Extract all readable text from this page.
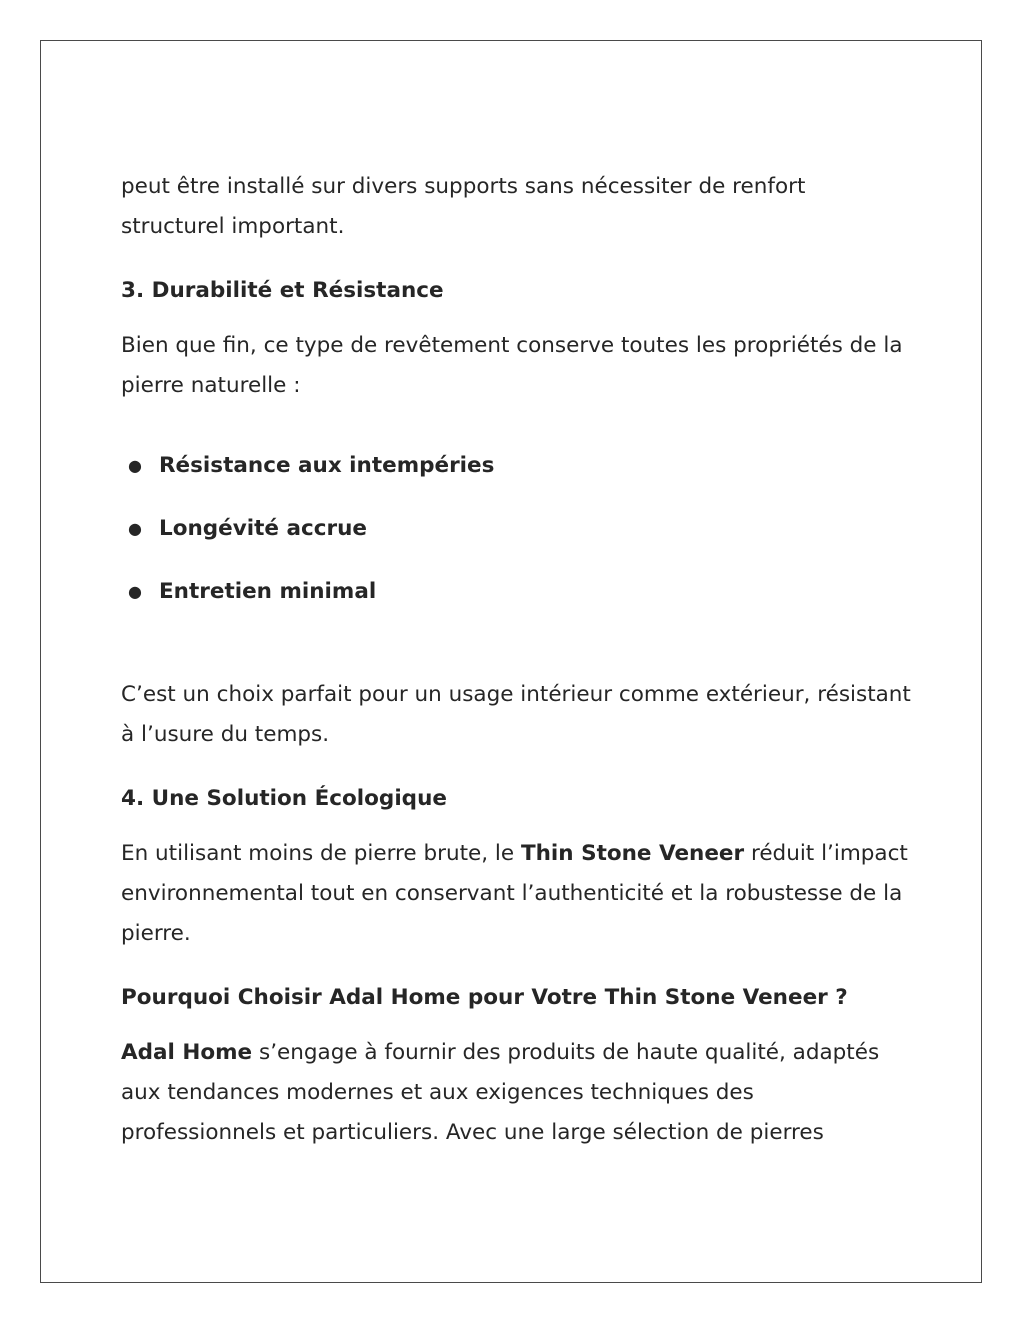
peut être installé sur divers supports sans nécessiter de renfort structurel important.

3. Durabilité et Résistance

Bien que fin, ce type de revêtement conserve toutes les propriétés de la pierre naturelle :

● Résistance aux intempéries
● Longévité accrue
● Entretien minimal

C’est un choix parfait pour un usage intérieur comme extérieur, résistant à l’usure du temps.

4. Une Solution Écologique

En utilisant moins de pierre brute, le Thin Stone Veneer réduit l’impact environnemental tout en conservant l’authenticité et la robustesse de la pierre.

Pourquoi Choisir Adal Home pour Votre Thin Stone Veneer ?

Adal Home s’engage à fournir des produits de haute qualité, adaptés aux tendances modernes et aux exigences techniques des professionnels et particuliers. Avec une large sélection de pierres
